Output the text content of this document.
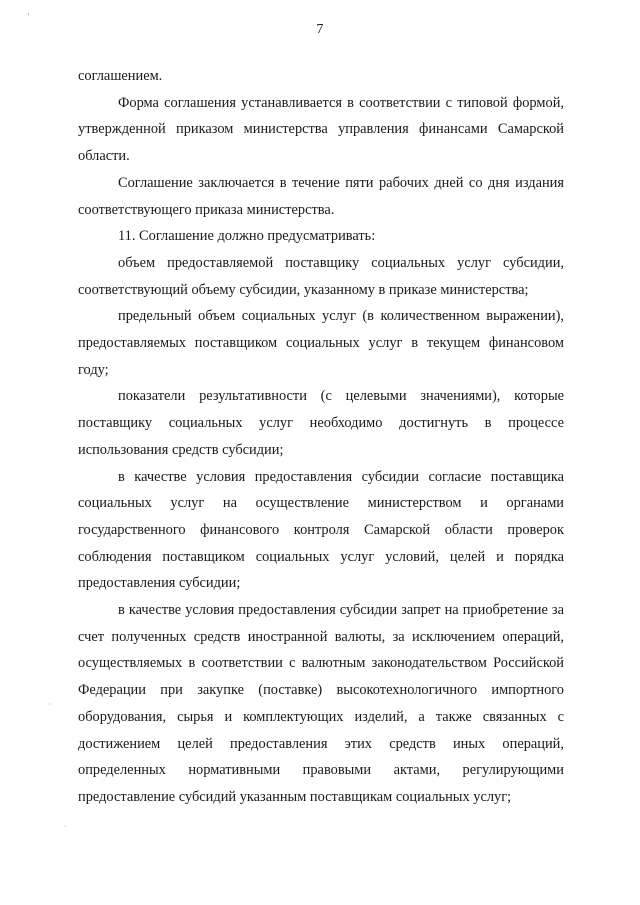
ˊ
·
·
7

соглашением.

Форма соглашения устанавливается в соответствии с типовой формой, утвержденной приказом министерства управления финансами Самарской области.

Соглашение заключается в течение пяти рабочих дней со дня издания соответствующего приказа министерства.

11. Соглашение должно предусматривать:

объем предоставляемой поставщику социальных услуг субсидии, соответствующий объему субсидии, указанному в приказе министерства;

предельный объем социальных услуг (в количественном выражении), предоставляемых поставщиком социальных услуг в текущем финансовом году;

показатели результативности (с целевыми значениями), которые поставщику социальных услуг необходимо достигнуть в процессе использования средств субсидии;

в качестве условия предоставления субсидии согласие поставщика социальных услуг на осуществление министерством и органами государственного финансового контроля Самарской области проверок соблюдения поставщиком социальных услуг условий, целей и порядка предоставления субсидии;

в качестве условия предоставления субсидии запрет на приобретение за счет полученных средств иностранной валюты, за исключением операций, осуществляемых в соответствии с валютным законодательством Российской Федерации при закупке (поставке) высокотехнологичного импортного оборудования, сырья и комплектующих изделий, а также связанных с достижением целей предоставления этих средств иных операций, определенных нормативными правовыми актами, регулирующими предоставление субсидий указанным поставщикам социальных услуг;
